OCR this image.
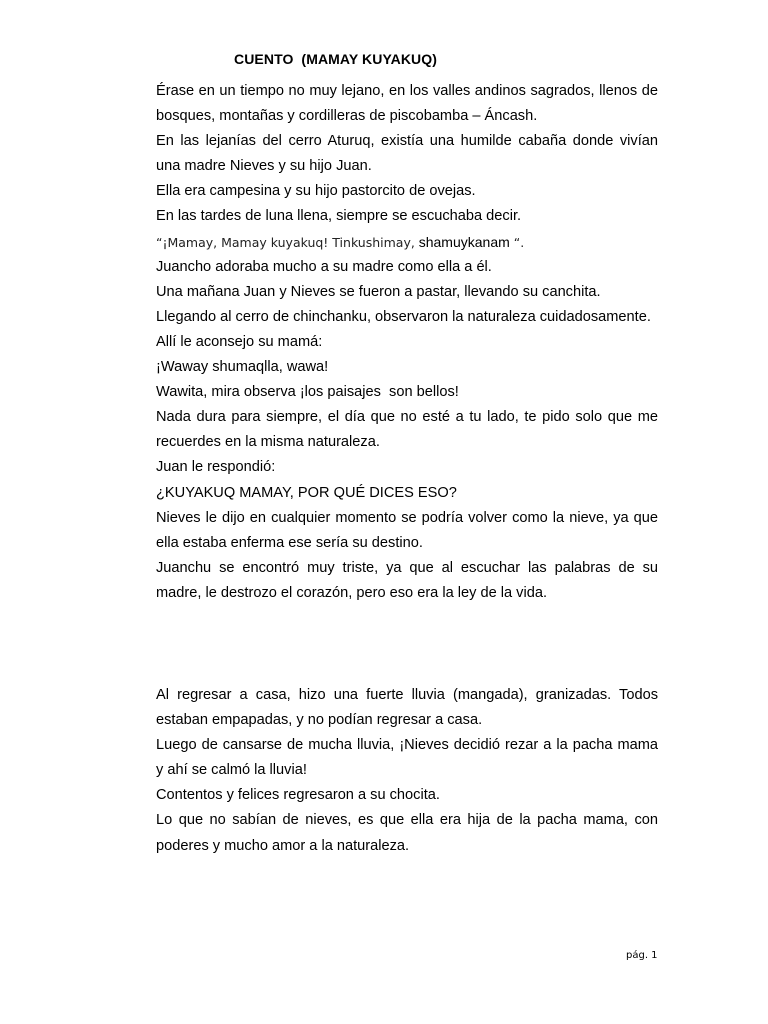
CUENTO  (MAMAY KUYAKUQ)

Érase en un tiempo no muy lejano, en los valles andinos sagrados, llenos de bosques, montañas y cordilleras de piscobamba – Áncash.

En las lejanías del cerro Aturuq, existía una humilde cabaña donde vivían una madre Nieves y su hijo Juan.

Ella era campesina y su hijo pastorcito de ovejas.

En las tardes de luna llena, siempre se escuchaba decir.

“¡Mamay, Mamay kuyakuq! Tinkushimay, shamuykanam “.

Juancho adoraba mucho a su madre como ella a él.

Una mañana Juan y Nieves se fueron a pastar, llevando su canchita.

Llegando al cerro de chinchanku, observaron la naturaleza cuidadosamente.

Allí le aconsejo su mamá:

¡Waway shumaqlla, wawa!

Wawita, mira observa ¡los paisajes  son bellos!

Nada dura para siempre, el día que no esté a tu lado, te pido solo que me recuerdes en la misma naturaleza.

Juan le respondió:

¿KUYAKUQ MAMAY, POR QUÉ DICES ESO?

Nieves le dijo en cualquier momento se podría volver como la nieve, ya que ella estaba enferma ese sería su destino.

Juanchu se encontró muy triste, ya que al escuchar las palabras de su madre, le destrozo el corazón, pero eso era la ley de la vida.

Al regresar a casa, hizo una fuerte lluvia (mangada), granizadas. Todos estaban empapadas, y no podían regresar a casa.

Luego de cansarse de mucha lluvia, ¡Nieves decidió rezar a la pacha mama y ahí se calmó la lluvia!

Contentos y felices regresaron a su chocita.

Lo que no sabían de nieves, es que ella era hija de la pacha mama, con poderes y mucho amor a la naturaleza.

pág. 1
